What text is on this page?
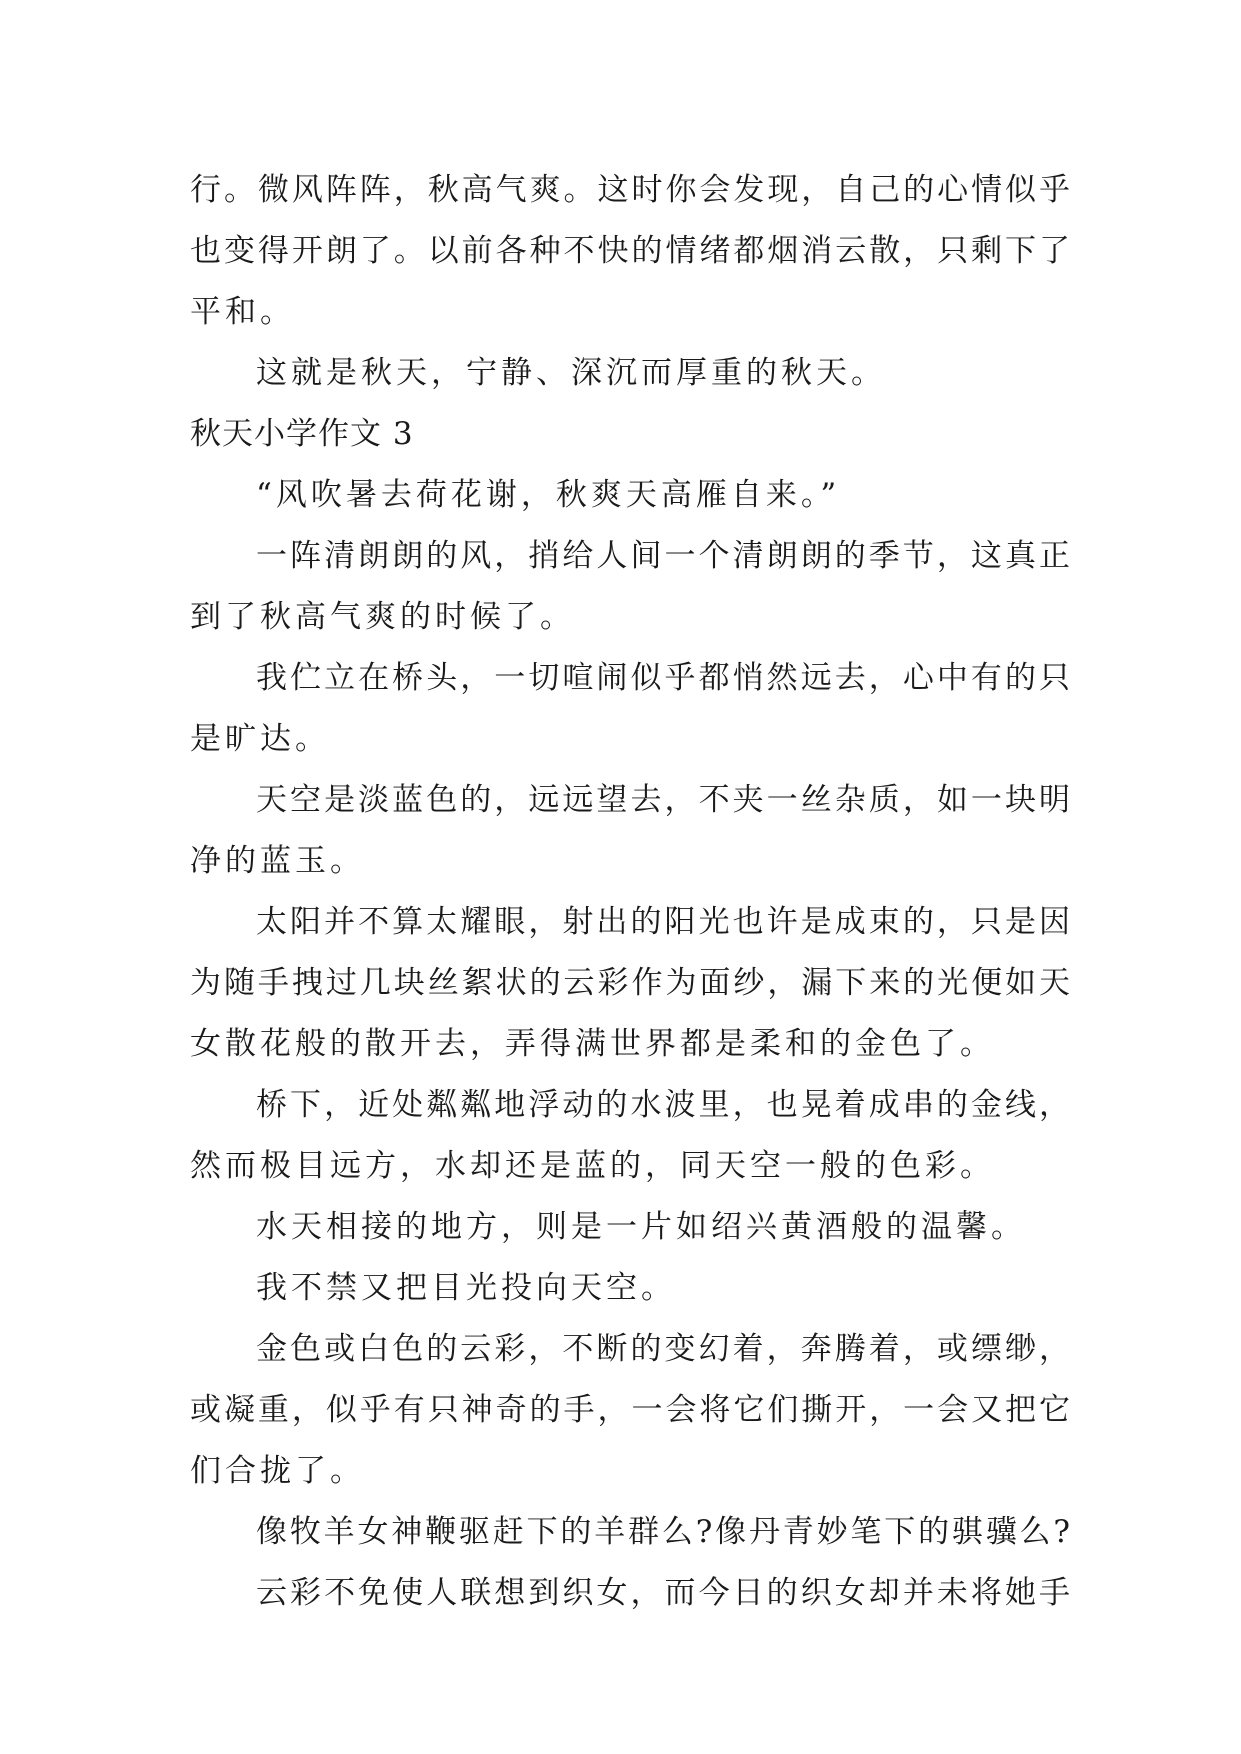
行。微风阵阵，秋高气爽。这时你会发现，自己的心情似乎
也变得开朗了。以前各种不快的情绪都烟消云散，只剩下了
平和。
这就是秋天，宁静、深沉而厚重的秋天。
秋天小学作文 3
“风吹暑去荷花谢，秋爽天高雁自来。”
一阵清朗朗的风，捎给人间一个清朗朗的季节，这真正
到了秋高气爽的时候了。
我伫立在桥头，一切喧闹似乎都悄然远去，心中有的只
是旷达。
天空是淡蓝色的，远远望去，不夹一丝杂质，如一块明
净的蓝玉。
太阳并不算太耀眼，射出的阳光也许是成束的，只是因
为随手拽过几块丝絮状的云彩作为面纱，漏下来的光便如天
女散花般的散开去，弄得满世界都是柔和的金色了。
桥下，近处粼粼地浮动的水波里，也晃着成串的金线，
然而极目远方，水却还是蓝的，同天空一般的色彩。
水天相接的地方，则是一片如绍兴黄酒般的温馨。
我不禁又把目光投向天空。
金色或白色的云彩，不断的变幻着，奔腾着，或缥缈，
或凝重，似乎有只神奇的手，一会将它们撕开，一会又把它
们合拢了。
像牧羊女神鞭驱赶下的羊群么?像丹青妙笔下的骐骥么?
云彩不免使人联想到织女，而今日的织女却并未将她手
